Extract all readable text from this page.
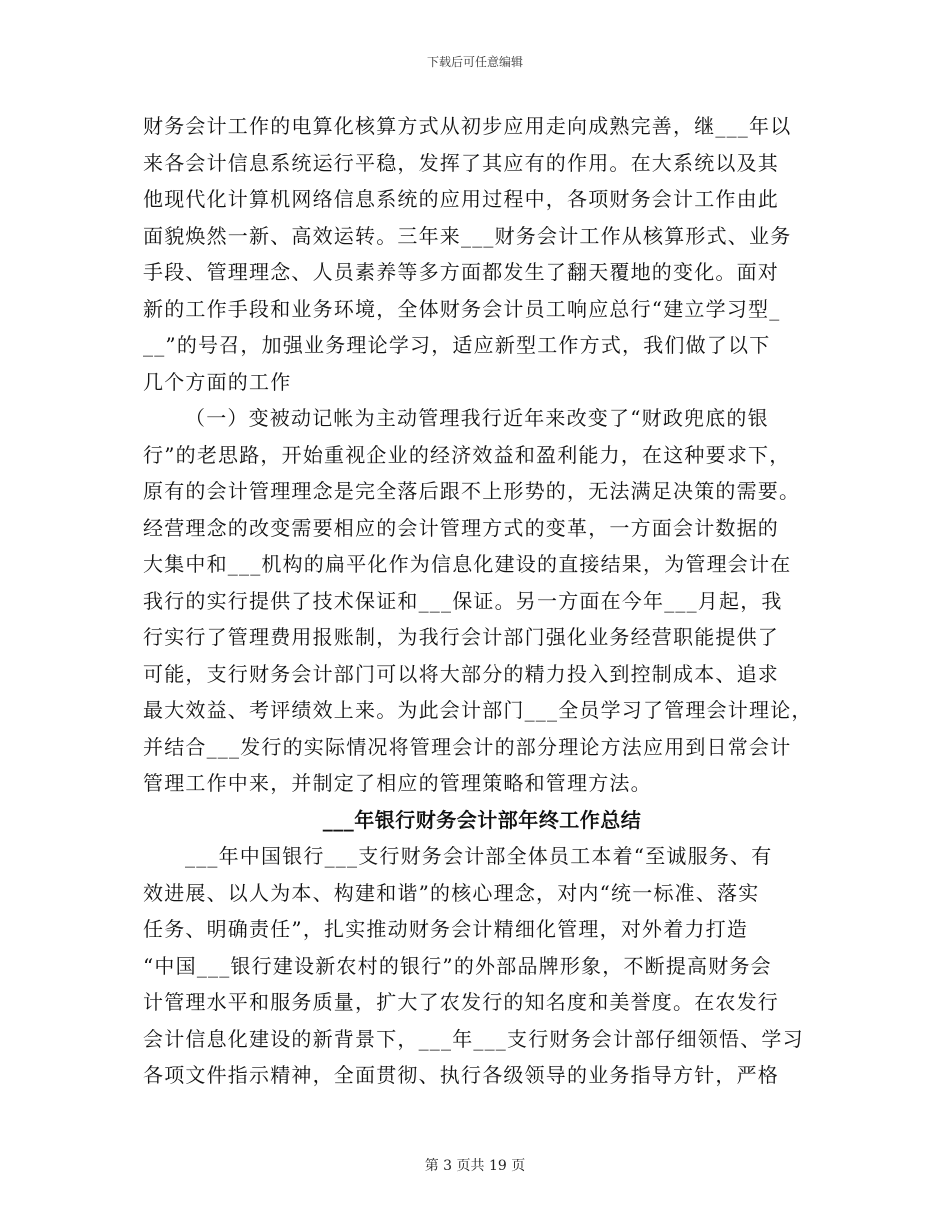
下载后可任意编辑
财务会计工作的电算化核算方式从初步应用走向成熟完善，继___年以
来各会计信息系统运行平稳，发挥了其应有的作用。在大系统以及其
他现代化计算机网络信息系统的应用过程中，各项财务会计工作由此
面貌焕然一新、高效运转。三年来___财务会计工作从核算形式、业务
手段、管理理念、人员素养等多方面都发生了翻天覆地的变化。面对
新的工作手段和业务环境，全体财务会计员工响应总行“建立学习型_
__”的号召，加强业务理论学习，适应新型工作方式，我们做了以下
几个方面的工作
（一）变被动记帐为主动管理我行近年来改变了“财政兜底的银
行”的老思路，开始重视企业的经济效益和盈利能力，在这种要求下，
原有的会计管理理念是完全落后跟不上形势的，无法满足决策的需要。
经营理念的改变需要相应的会计管理方式的变革，一方面会计数据的
大集中和___机构的扁平化作为信息化建设的直接结果，为管理会计在
我行的实行提供了技术保证和___保证。另一方面在今年___月起，我
行实行了管理费用报账制，为我行会计部门强化业务经营职能提供了
可能，支行财务会计部门可以将大部分的精力投入到控制成本、追求
最大效益、考评绩效上来。为此会计部门___全员学习了管理会计理论，
并结合___发行的实际情况将管理会计的部分理论方法应用到日常会计
管理工作中来，并制定了相应的管理策略和管理方法。
___年银行财务会计部年终工作总结
___年中国银行___支行财务会计部全体员工本着“至诚服务、有
效进展、以人为本、构建和谐”的核心理念，对内“统一标准、落实
任务、明确责任”，扎实推动财务会计精细化管理，对外着力打造
“中国___银行建设新农村的银行”的外部品牌形象，不断提高财务会
计管理水平和服务质量，扩大了农发行的知名度和美誉度。在农发行
会计信息化建设的新背景下，___年___支行财务会计部仔细领悟、学习
各项文件指示精神，全面贯彻、执行各级领导的业务指导方针，严格
第 3 页共 19 页
